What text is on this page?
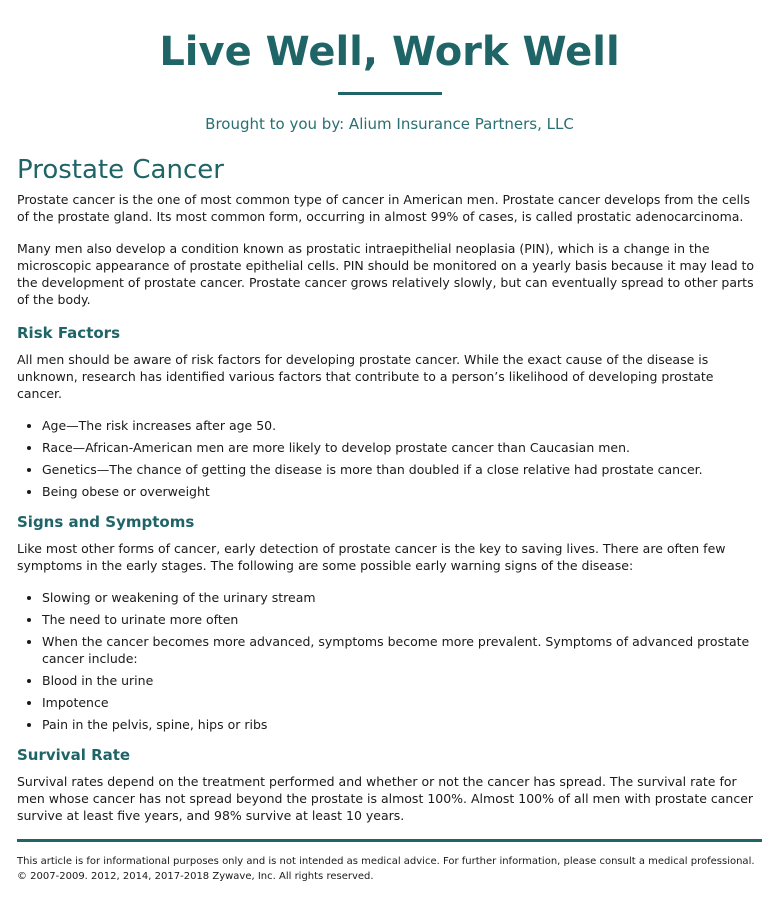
Live Well, Work Well
Brought to you by: Alium Insurance Partners, LLC
Prostate Cancer

Prostate cancer is the one of most common type of cancer in American men. Prostate cancer develops from the cells of the prostate gland. Its most common form, occurring in almost 99% of cases, is called prostatic adenocarcinoma.

Many men also develop a condition known as prostatic intraepithelial neoplasia (PIN), which is a change in the microscopic appearance of prostate epithelial cells. PIN should be monitored on a yearly basis because it may lead to the development of prostate cancer. Prostate cancer grows relatively slowly, but can eventually spread to other parts of the body.

Risk Factors

All men should be aware of risk factors for developing prostate cancer. While the exact cause of the disease is unknown, research has identified various factors that contribute to a person’s likelihood of developing prostate cancer.

• Age—The risk increases after age 50.
• Race—African-American men are more likely to develop prostate cancer than Caucasian men.
• Genetics—The chance of getting the disease is more than doubled if a close relative had prostate cancer.
• Being obese or overweight
Signs and Symptoms

Like most other forms of cancer, early detection of prostate cancer is the key to saving lives. There are often few symptoms in the early stages. The following are some possible early warning signs of the disease:

• Slowing or weakening of the urinary stream
• The need to urinate more often
• When the cancer becomes more advanced, symptoms become more prevalent. Symptoms of advanced prostate cancer include:
• Blood in the urine
• Impotence
• Pain in the pelvis, spine, hips or ribs
Survival Rate

Survival rates depend on the treatment performed and whether or not the cancer has spread. The survival rate for men whose cancer has not spread beyond the prostate is almost 100%. Almost 100% of all men with prostate cancer survive at least five years, and 98% survive at least 10 years.

This article is for informational purposes only and is not intended as medical advice. For further information, please consult a medical professional. © 2007-2009. 2012, 2014, 2017-2018 Zywave, Inc. All rights reserved.
